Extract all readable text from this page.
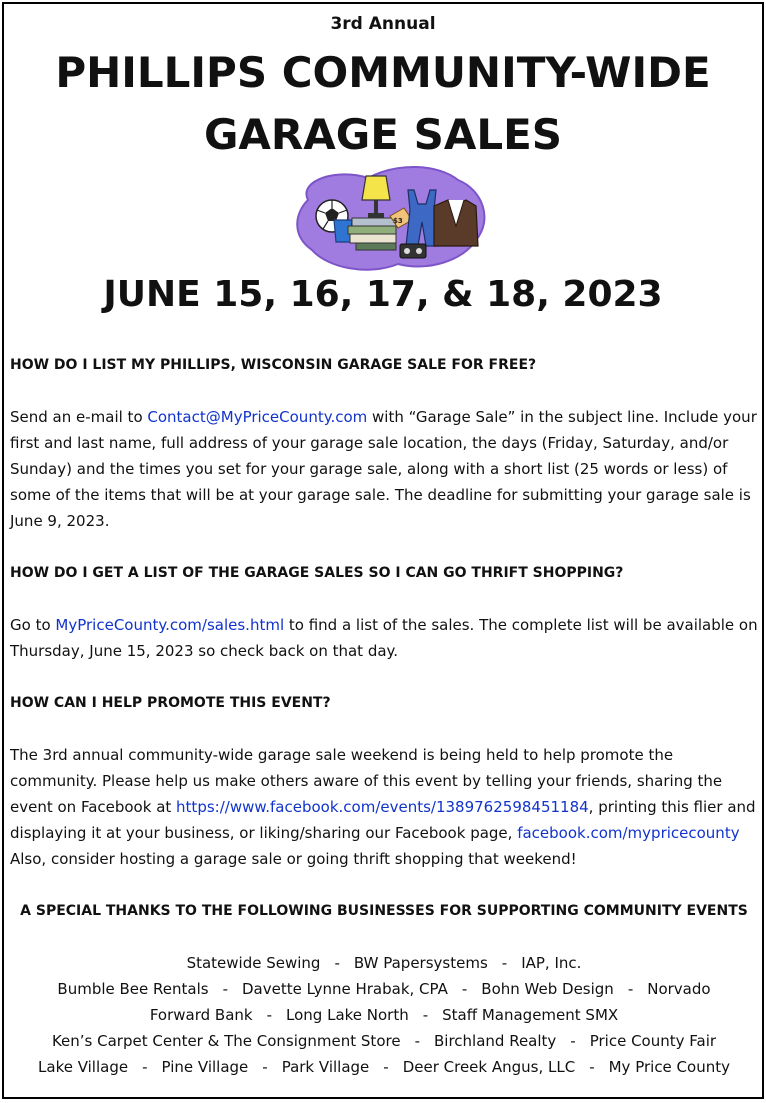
3rd Annual
PHILLIPS COMMUNITY-WIDE
GARAGE SALES
$3
JUNE 15, 16, 17, & 18, 2023
HOW DO I LIST MY PHILLIPS, WISCONSIN GARAGE SALE FOR FREE?
Send an e-mail to Contact@MyPriceCounty.com with “Garage Sale” in the subject line. Include your first and last name, full address of your garage sale location, the days (Friday, Saturday, and/or Sunday) and the times you set for your garage sale, along with a short list (25 words or less) of some of the items that will be at your garage sale. The deadline for submitting your garage sale is June 9, 2023.
HOW DO I GET A LIST OF THE GARAGE SALES SO I CAN GO THRIFT SHOPPING?
Go to MyPriceCounty.com/sales.html to find a list of the sales. The complete list will be available on Thursday, June 15, 2023 so check back on that day.
HOW CAN I HELP PROMOTE THIS EVENT?
The 3rd annual community-wide garage sale weekend is being held to help promote the community. Please help us make others aware of this event by telling your friends, sharing the event on Facebook at https://www.facebook.com/events/1389762598451184, printing this flier and displaying it at your business, or liking/sharing our Facebook page, facebook.com/mypricecounty Also, consider hosting a garage sale or going thrift shopping that weekend!
A SPECIAL THANKS TO THE FOLLOWING BUSINESSES FOR SUPPORTING COMMUNITY EVENTS
Statewide Sewing - BW Papersystems - IAP, Inc.
Bumble Bee Rentals - Davette Lynne Hrabak, CPA - Bohn Web Design - Norvado
Forward Bank - Long Lake North - Staff Management SMX
Ken’s Carpet Center & The Consignment Store - Birchland Realty - Price County Fair
Lake Village - Pine Village - Park Village - Deer Creek Angus, LLC - My Price County
